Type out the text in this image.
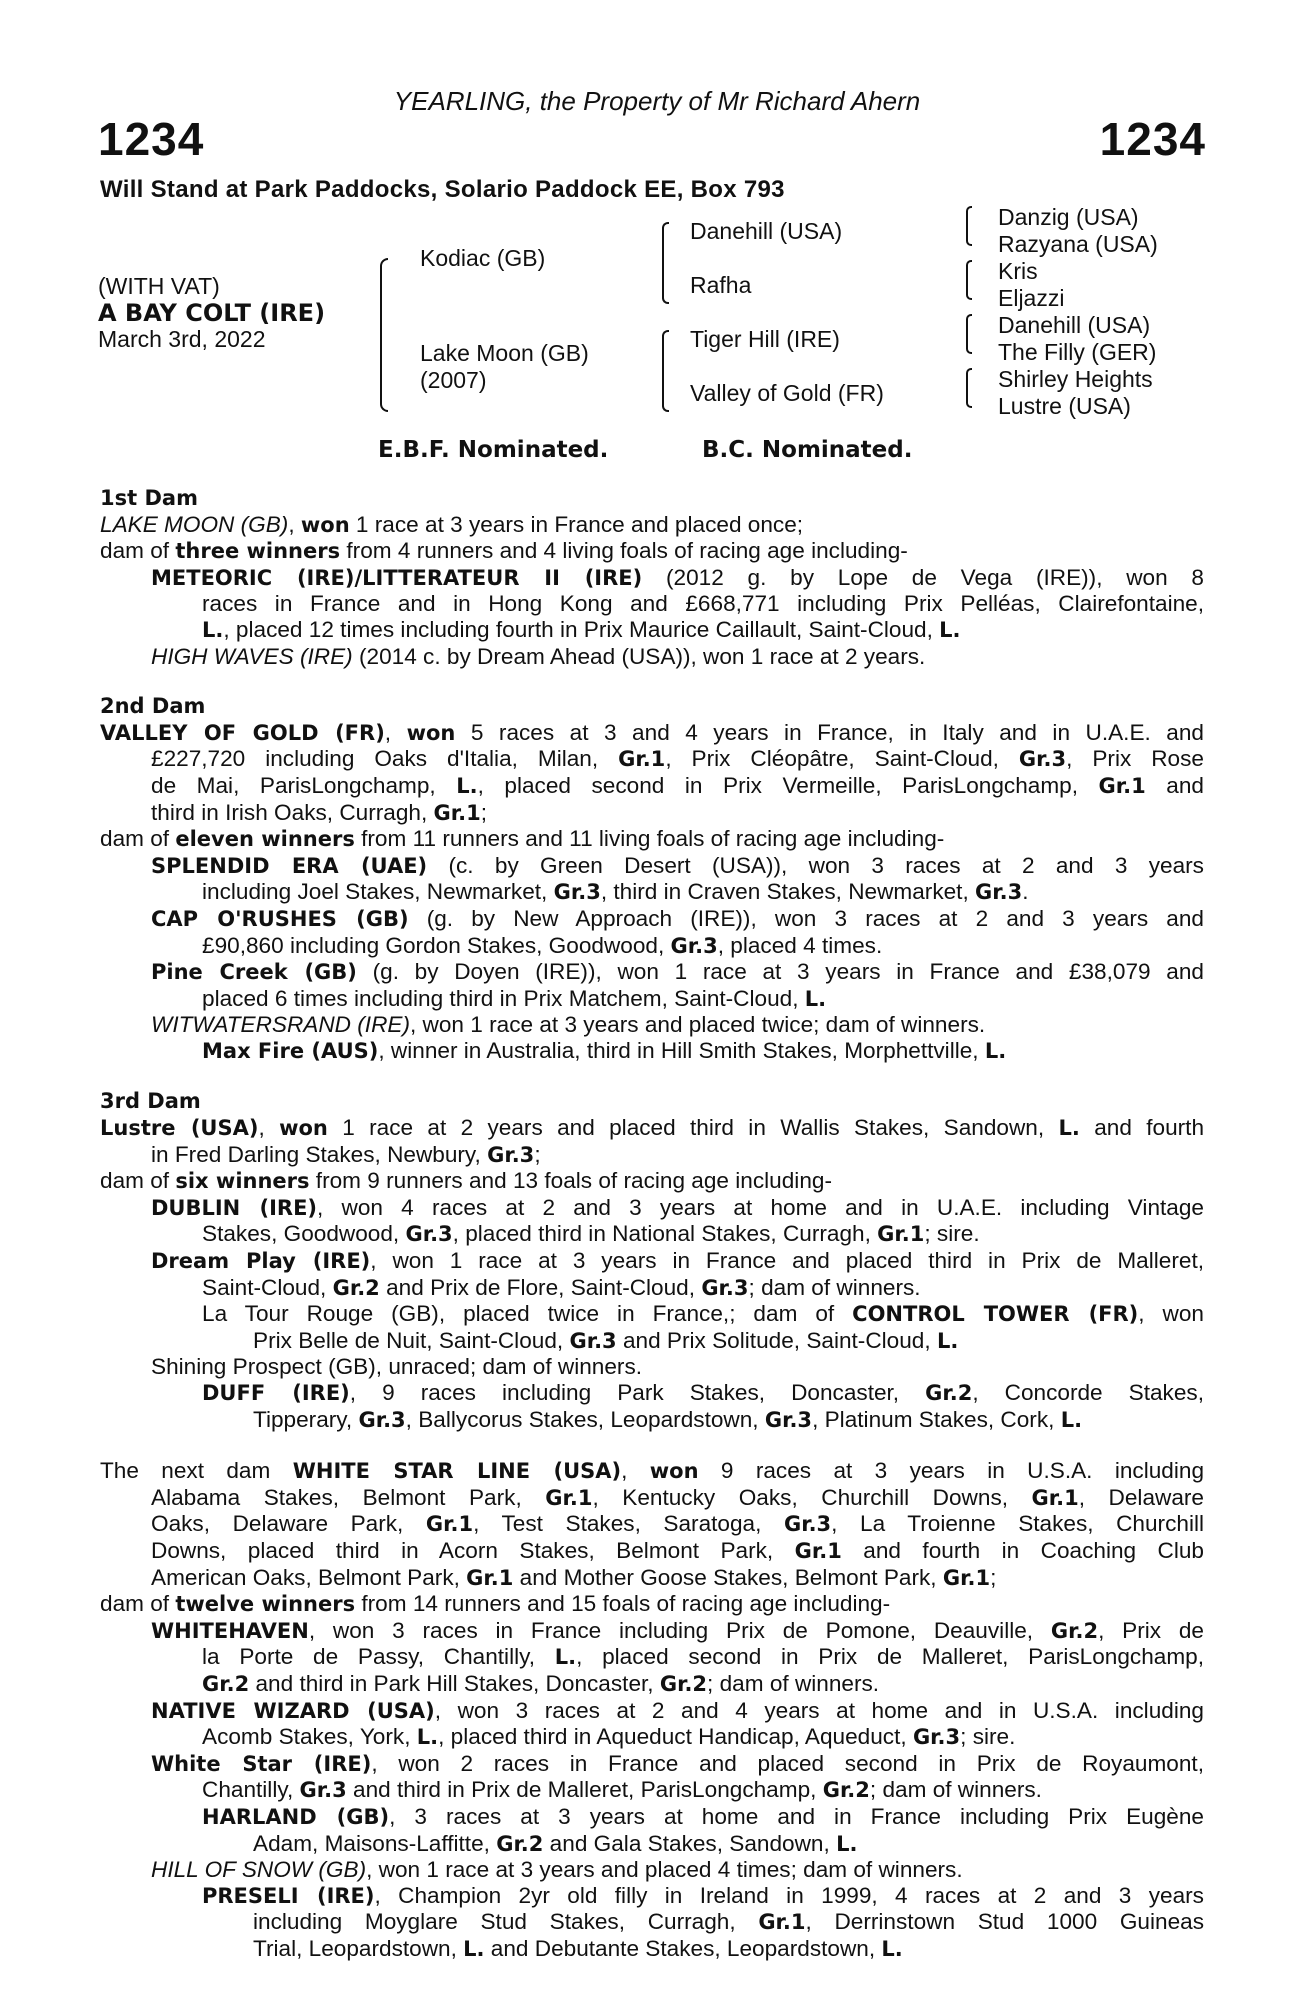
YEARLING, the Property of Mr Richard Ahern
1234	1234
Will Stand at Park Paddocks, Solario Paddock EE, Box 793
(WITH VAT)
A BAY COLT (IRE)
March 3rd, 2022
Kodiac (GB)
Lake Moon (GB)
(2007)
Danehill (USA)
Rafha
Tiger Hill (IRE)
Valley of Gold (FR)
Danzig (USA)
Razyana (USA)
Kris
Eljazzi
Danehill (USA)
The Filly (GER)
Shirley Heights
Lustre (USA)
E.B.F. Nominated.	B.C. Nominated.
1st Dam
LAKE MOON (GB), won 1 race at 3 years in France and placed once;
dam of three winners from 4 runners and 4 living foals of racing age including-
METEORIC (IRE)/LITTERATEUR II (IRE) (2012 g. by Lope de Vega (IRE)), won 8
races in France and in Hong Kong and £668,771 including Prix Pelléas, Clairefontaine,
L., placed 12 times including fourth in Prix Maurice Caillault, Saint-Cloud, L.
HIGH WAVES (IRE) (2014 c. by Dream Ahead (USA)), won 1 race at 2 years.
2nd Dam
VALLEY OF GOLD (FR), won 5 races at 3 and 4 years in France, in Italy and in U.A.E. and
£227,720 including Oaks d'Italia, Milan, Gr.1, Prix Cléopâtre, Saint-Cloud, Gr.3, Prix Rose
de Mai, ParisLongchamp, L., placed second in Prix Vermeille, ParisLongchamp, Gr.1 and
third in Irish Oaks, Curragh, Gr.1;
dam of eleven winners from 11 runners and 11 living foals of racing age including-
SPLENDID ERA (UAE) (c. by Green Desert (USA)), won 3 races at 2 and 3 years
including Joel Stakes, Newmarket, Gr.3, third in Craven Stakes, Newmarket, Gr.3.
CAP O'RUSHES (GB) (g. by New Approach (IRE)), won 3 races at 2 and 3 years and
£90,860 including Gordon Stakes, Goodwood, Gr.3, placed 4 times.
Pine Creek (GB) (g. by Doyen (IRE)), won 1 race at 3 years in France and £38,079 and
placed 6 times including third in Prix Matchem, Saint-Cloud, L.
WITWATERSRAND (IRE), won 1 race at 3 years and placed twice; dam of winners.
Max Fire (AUS), winner in Australia, third in Hill Smith Stakes, Morphettville, L.
3rd Dam
Lustre (USA), won 1 race at 2 years and placed third in Wallis Stakes, Sandown, L. and fourth
in Fred Darling Stakes, Newbury, Gr.3;
dam of six winners from 9 runners and 13 foals of racing age including-
DUBLIN (IRE), won 4 races at 2 and 3 years at home and in U.A.E. including Vintage
Stakes, Goodwood, Gr.3, placed third in National Stakes, Curragh, Gr.1; sire.
Dream Play (IRE), won 1 race at 3 years in France and placed third in Prix de Malleret,
Saint-Cloud, Gr.2 and Prix de Flore, Saint-Cloud, Gr.3; dam of winners.
La Tour Rouge (GB), placed twice in France,; dam of CONTROL TOWER (FR), won
Prix Belle de Nuit, Saint-Cloud, Gr.3 and Prix Solitude, Saint-Cloud, L.
Shining Prospect (GB), unraced; dam of winners.
DUFF (IRE), 9 races including Park Stakes, Doncaster, Gr.2, Concorde Stakes,
Tipperary, Gr.3, Ballycorus Stakes, Leopardstown, Gr.3, Platinum Stakes, Cork, L.
The next dam WHITE STAR LINE (USA), won 9 races at 3 years in U.S.A. including
Alabama Stakes, Belmont Park, Gr.1, Kentucky Oaks, Churchill Downs, Gr.1, Delaware
Oaks, Delaware Park, Gr.1, Test Stakes, Saratoga, Gr.3, La Troienne Stakes, Churchill
Downs, placed third in Acorn Stakes, Belmont Park, Gr.1 and fourth in Coaching Club
American Oaks, Belmont Park, Gr.1 and Mother Goose Stakes, Belmont Park, Gr.1;
dam of twelve winners from 14 runners and 15 foals of racing age including-
WHITEHAVEN, won 3 races in France including Prix de Pomone, Deauville, Gr.2, Prix de
la Porte de Passy, Chantilly, L., placed second in Prix de Malleret, ParisLongchamp,
Gr.2 and third in Park Hill Stakes, Doncaster, Gr.2; dam of winners.
NATIVE WIZARD (USA), won 3 races at 2 and 4 years at home and in U.S.A. including
Acomb Stakes, York, L., placed third in Aqueduct Handicap, Aqueduct, Gr.3; sire.
White Star (IRE), won 2 races in France and placed second in Prix de Royaumont,
Chantilly, Gr.3 and third in Prix de Malleret, ParisLongchamp, Gr.2; dam of winners.
HARLAND (GB), 3 races at 3 years at home and in France including Prix Eugène
Adam, Maisons-Laffitte, Gr.2 and Gala Stakes, Sandown, L.
HILL OF SNOW (GB), won 1 race at 3 years and placed 4 times; dam of winners.
PRESELI (IRE), Champion 2yr old filly in Ireland in 1999, 4 races at 2 and 3 years
including Moyglare Stud Stakes, Curragh, Gr.1, Derrinstown Stud 1000 Guineas
Trial, Leopardstown, L. and Debutante Stakes, Leopardstown, L.
